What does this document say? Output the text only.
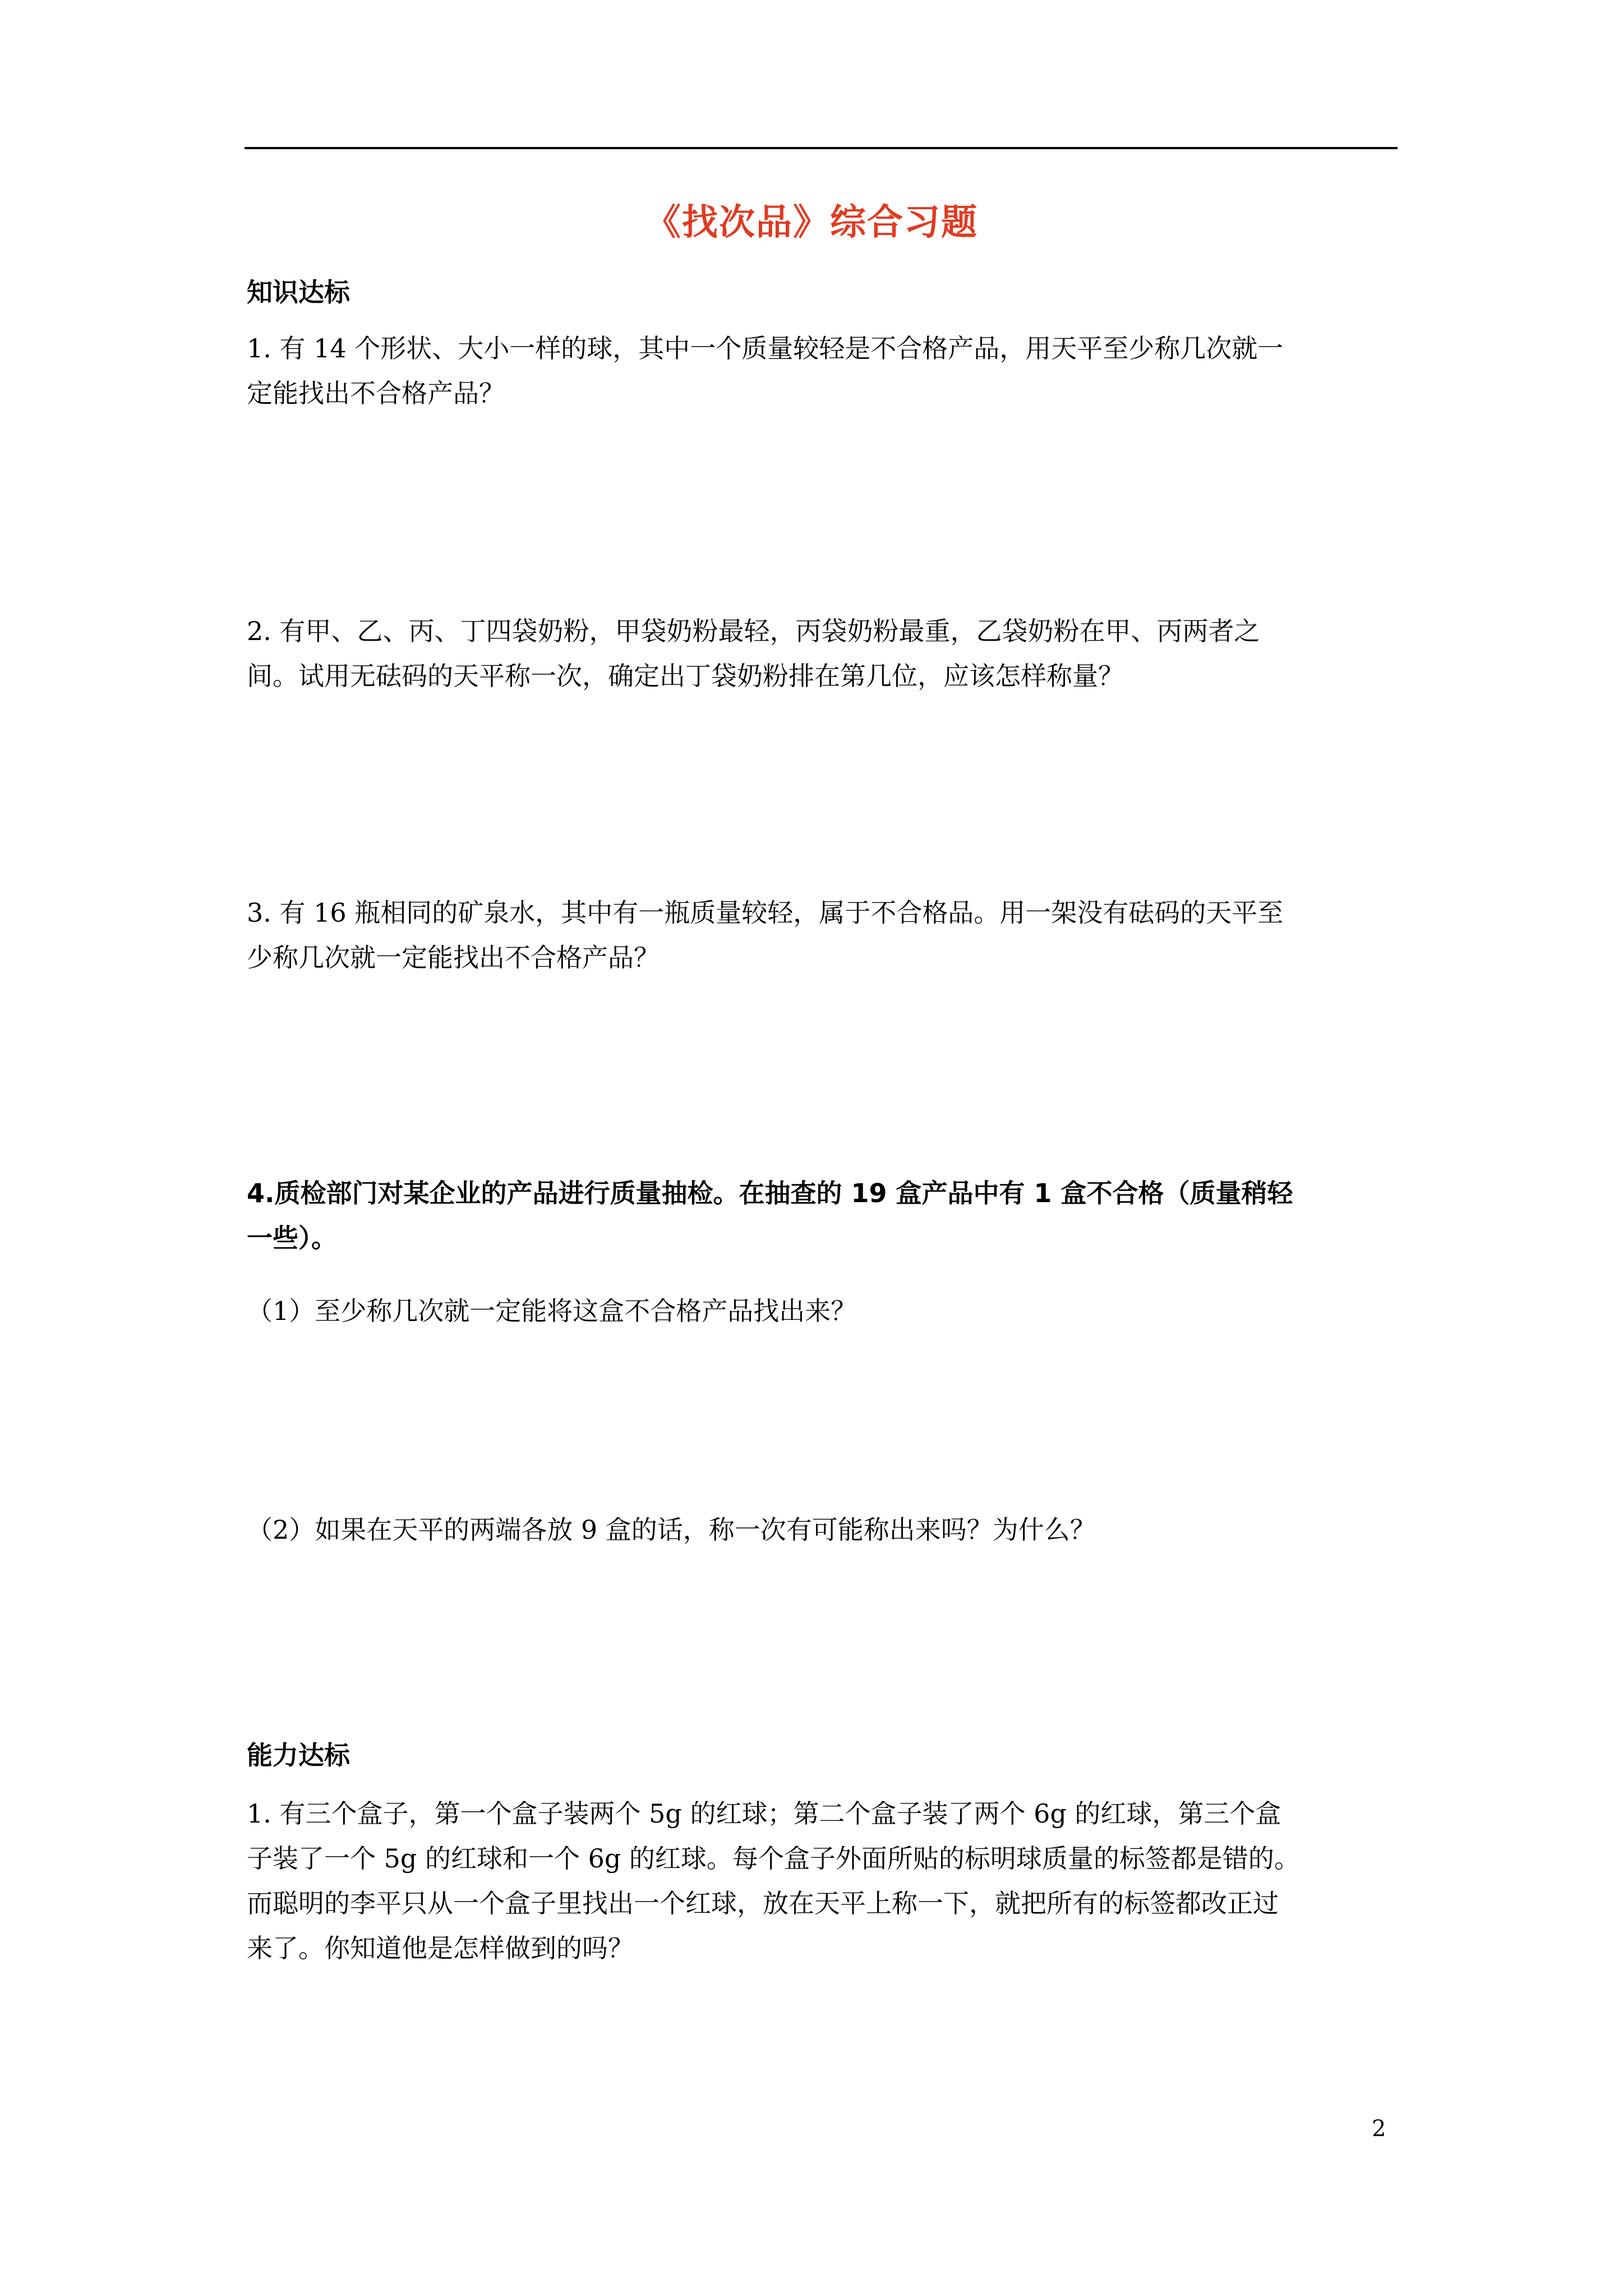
《找次品》综合习题
知识达标
1. 有 14 个形状、大小一样的球，其中一个质量较轻是不合格产品，用天平至少称几次就一
定能找出不合格产品？
2. 有甲、乙、丙、丁四袋奶粉，甲袋奶粉最轻，丙袋奶粉最重，乙袋奶粉在甲、丙两者之
间。试用无砝码的天平称一次，确定出丁袋奶粉排在第几位，应该怎样称量？
3. 有 16 瓶相同的矿泉水，其中有一瓶质量较轻，属于不合格品。用一架没有砝码的天平至
少称几次就一定能找出不合格产品？
4.质检部门对某企业的产品进行质量抽检。在抽查的 19 盒产品中有 1 盒不合格（质量稍轻
一些）。
（1）至少称几次就一定能将这盒不合格产品找出来？
（2）如果在天平的两端各放 9 盒的话，称一次有可能称出来吗？为什么？
能力达标
1. 有三个盒子，第一个盒子装两个 5g 的红球；第二个盒子装了两个 6g 的红球，第三个盒
子装了一个 5g 的红球和一个 6g 的红球。每个盒子外面所贴的标明球质量的标签都是错的。
而聪明的李平只从一个盒子里找出一个红球，放在天平上称一下，就把所有的标签都改正过
来了。你知道他是怎样做到的吗？
2
